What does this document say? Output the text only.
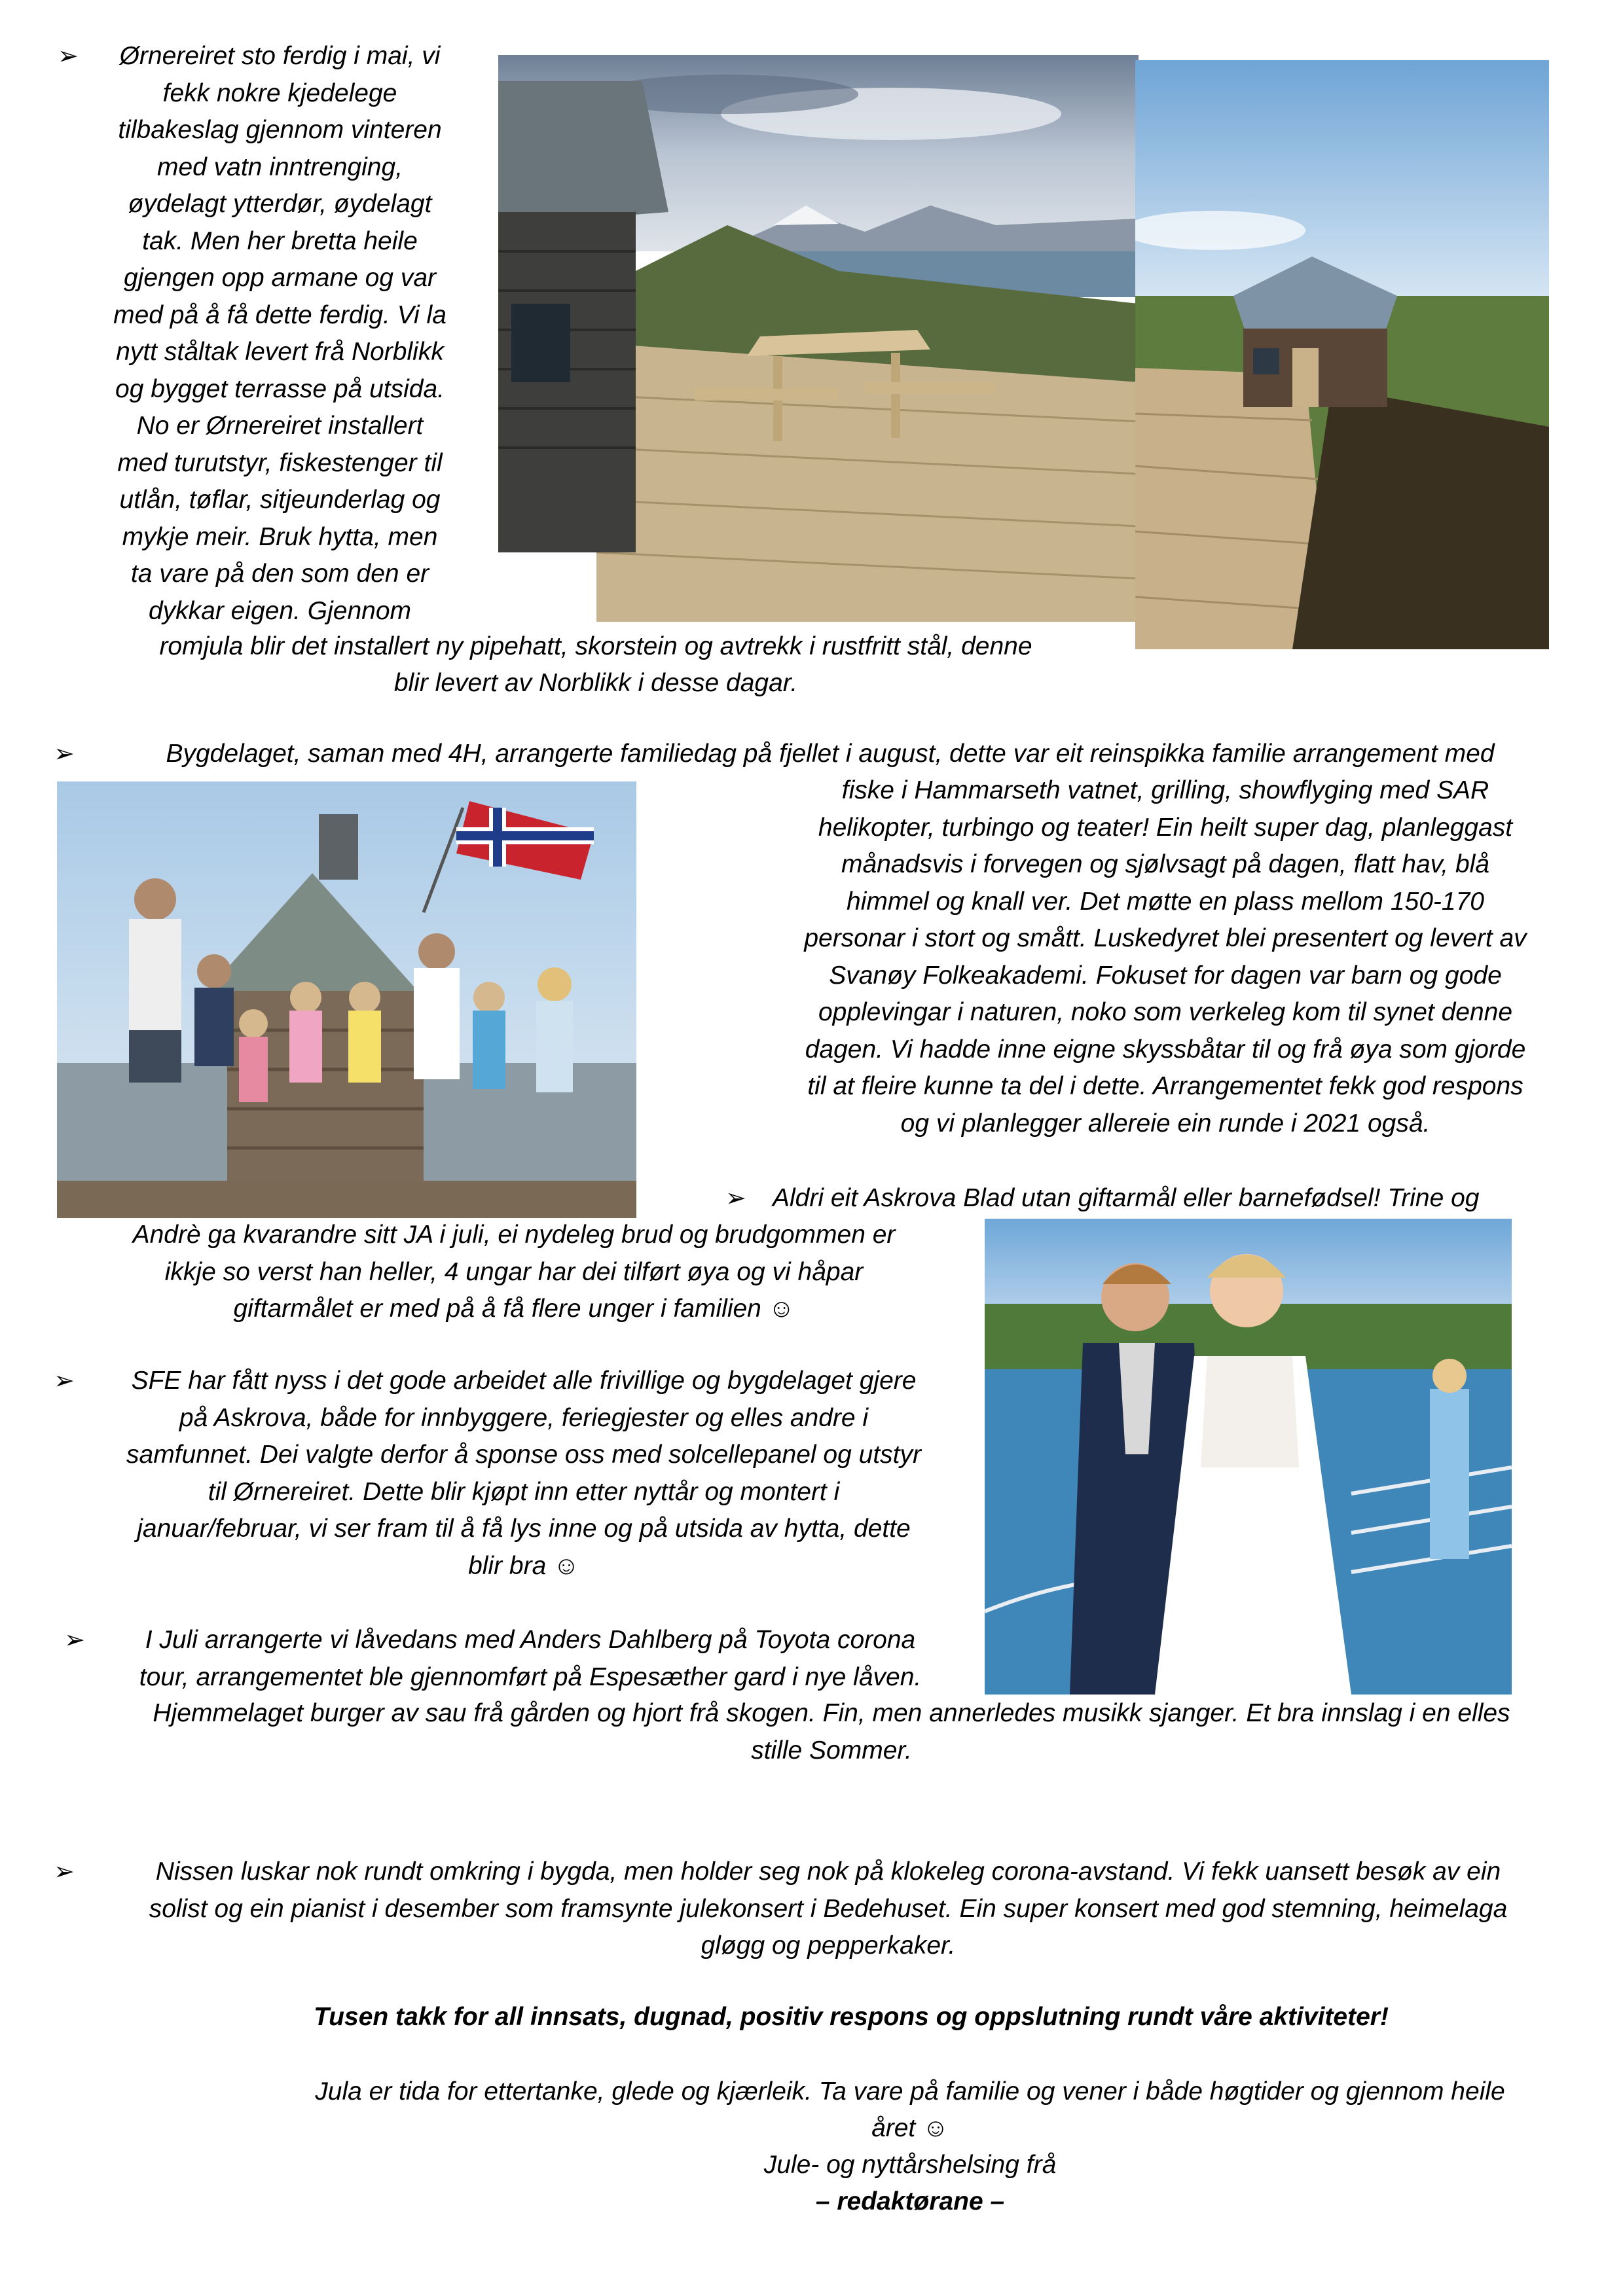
➢	Ørnereiret sto ferdig i mai, vi
fekk nokre kjedelege
tilbakeslag gjennom vinteren
med vatn inntrenging,
øydelagt ytterdør, øydelagt
tak. Men her bretta heile
gjengen opp armane og var
med på å få dette ferdig. Vi la
nytt ståltak levert frå Norblikk
og bygget terrasse på utsida.
No er Ørnereiret installert
med turutstyr, fiskestenger til
utlån, tøflar, sitjeunderlag og
mykje meir. Bruk hytta, men
ta vare på den som den er
dykkar eigen. Gjennom
romjula blir det installert ny pipehatt, skorstein og avtrekk i rustfritt stål, denne
blir levert av Norblikk i desse dagar.
➢	Bygdelaget, saman med 4H, arrangerte familiedag på fjellet i august, dette var eit reinspikka familie arrangement med
fiske i Hammarseth vatnet, grilling, showflyging med SAR
helikopter, turbingo og teater! Ein heilt super dag, planleggast
månadsvis i forvegen og sjølvsagt på dagen, flatt hav, blå
himmel og knall ver. Det møtte en plass mellom 150-170
personar i stort og smått. Luskedyret blei presentert og levert av
Svanøy Folkeakademi. Fokuset for dagen var barn og gode
opplevingar i naturen, noko som verkeleg kom til synet denne
dagen. Vi hadde inne eigne skyssbåtar til og frå øya som gjorde
til at fleire kunne ta del i dette. Arrangementet fekk god respons
og vi planlegger allereie ein runde i 2021 også.
➢	Aldri eit Askrova Blad utan giftarmål eller barnefødsel! Trine og
Andrè ga kvarandre sitt JA i juli, ei nydeleg brud og brudgommen er
ikkje so verst han heller, 4 ungar har dei tilført øya og vi håpar
giftarmålet er med på å få flere unger i familien ☺
➢	SFE har fått nyss i det gode arbeidet alle frivillige og bygdelaget gjere
på Askrova, både for innbyggere, feriegjester og elles andre i
samfunnet. Dei valgte derfor å sponse oss med solcellepanel og utstyr
til Ørnereiret. Dette blir kjøpt inn etter nyttår og montert i
januar/februar, vi ser fram til å få lys inne og på utsida av hytta, dette
blir bra ☺
➢	I Juli arrangerte vi låvedans med Anders Dahlberg på Toyota corona
tour, arrangementet ble gjennomført på Espesæther gard i nye låven.
Hjemmelaget burger av sau frå gården og hjort frå skogen. Fin, men annerledes musikk sjanger. Et bra innslag i en elles
stille Sommer.
➢	Nissen luskar nok rundt omkring i bygda, men holder seg nok på klokeleg corona-avstand. Vi fekk uansett besøk av ein
solist og ein pianist i desember som framsynte julekonsert i Bedehuset. Ein super konsert med god stemning, heimelaga
gløgg og pepperkaker.
Tusen takk for all innsats, dugnad, positiv respons og oppslutning rundt våre aktiviteter!
Jula er tida for ettertanke, glede og kjærleik. Ta vare på familie og vener i både høgtider og gjennom heile
året ☺
Jule- og nyttårshelsing frå
– redaktørane –
